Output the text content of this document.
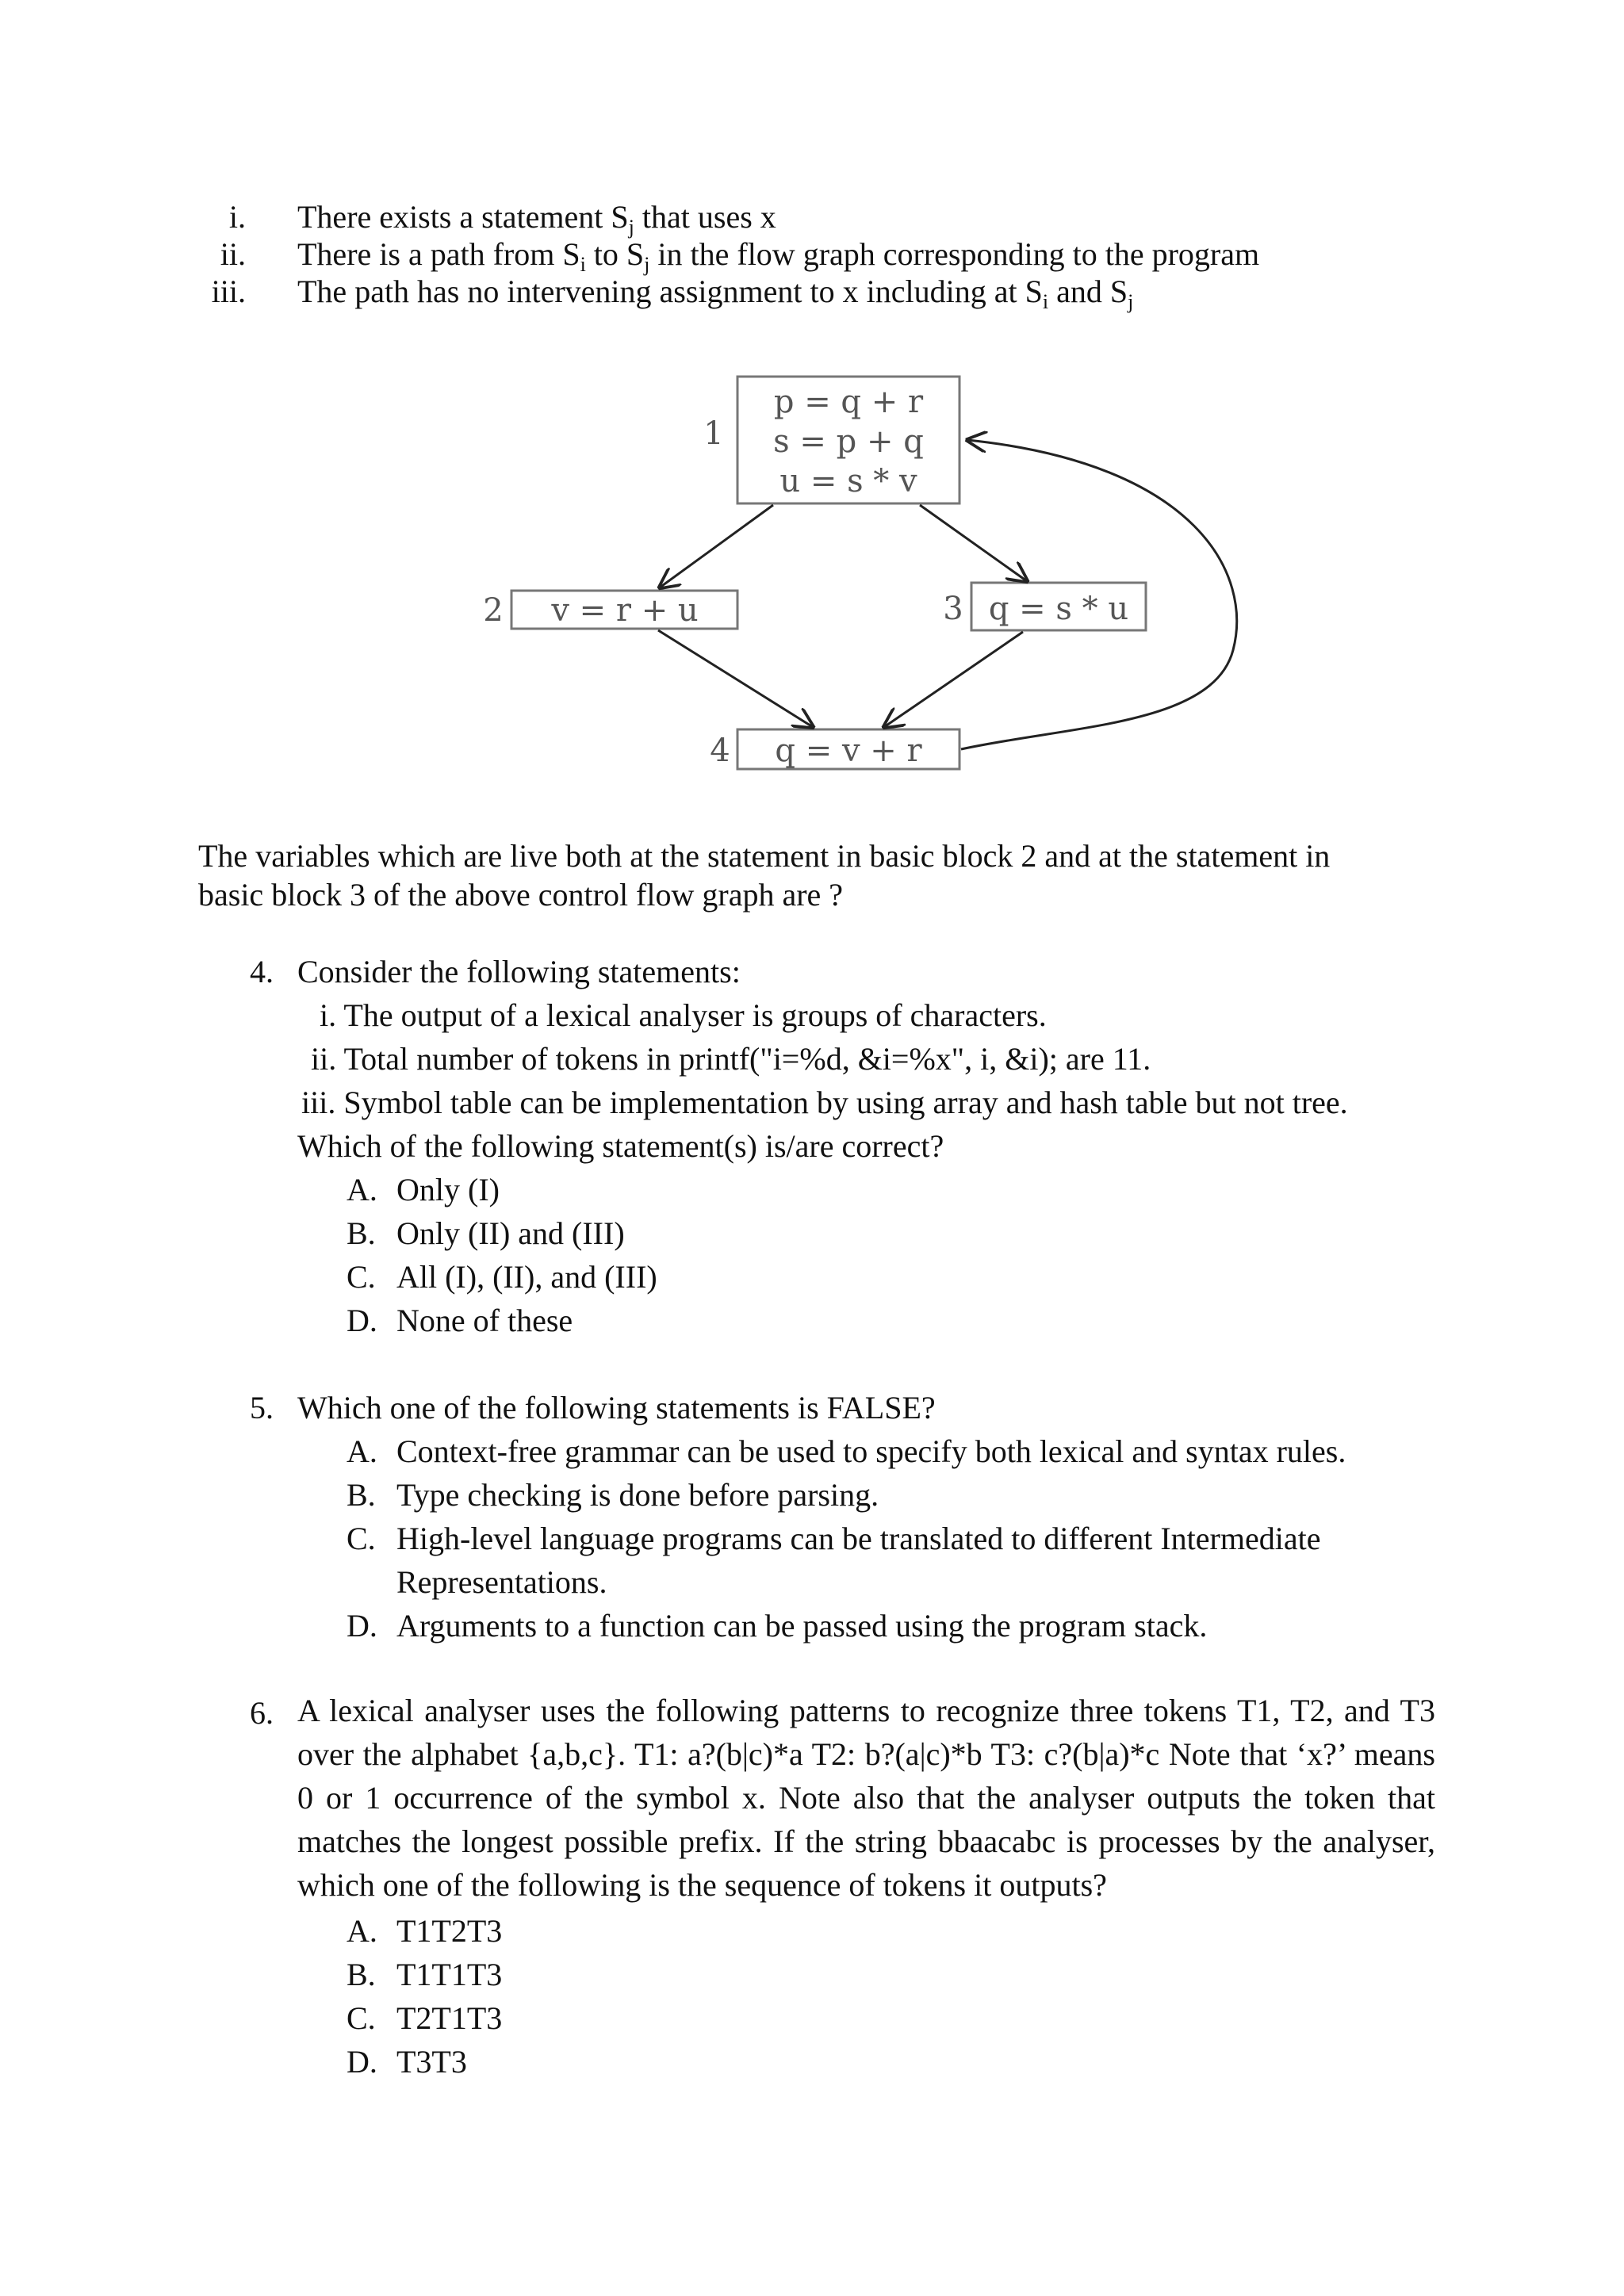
i. There exists a statement $S_j$ that uses x
ii. There is a path from $S_i$ to $S_j$ in the flow graph corresponding to the program
iii. The path has no intervening assignment to x including at $S_i$ and $S_j$
1
p = q + r
s = p + q
u = s * v
2 v = r + u	3 q = s * u
4 q = v + r
The variables which are live both at the statement in basic block 2 and at the statement in
basic block 3 of the above control flow graph are ?
4. Consider the following statements:
i. The output of a lexical analyser is groups of characters.
ii. Total number of tokens in printf("i=%d, &i=%x", i, &i); are 11.
iii. Symbol table can be implementation by using array and hash table but not tree.
Which of the following statement(s) is/are correct?
A. Only (I)
B. Only (II) and (III)
C. All (I), (II), and (III)
D. None of these
5. Which one of the following statements is FALSE?
A. Context-free grammar can be used to specify both lexical and syntax rules.
B. Type checking is done before parsing.
C. High-level language programs can be translated to different Intermediate
Representations.
D. Arguments to a function can be passed using the program stack.
6. A lexical analyser uses the following patterns to recognize three tokens T1, T2, and T3 over the alphabet {a,b,c}. T1: a?(b|c)*a T2: b?(a|c)*b T3: c?(b|a)*c Note that ‘x?’ means 0 or 1 occurrence of the symbol x. Note also that the analyser outputs the token that matches the longest possible prefix. If the string bbaacabc is processes by the analyser, which one of the following is the sequence of tokens it outputs?
A. T1T2T3
B. T1T1T3
C. T2T1T3
D. T3T3
